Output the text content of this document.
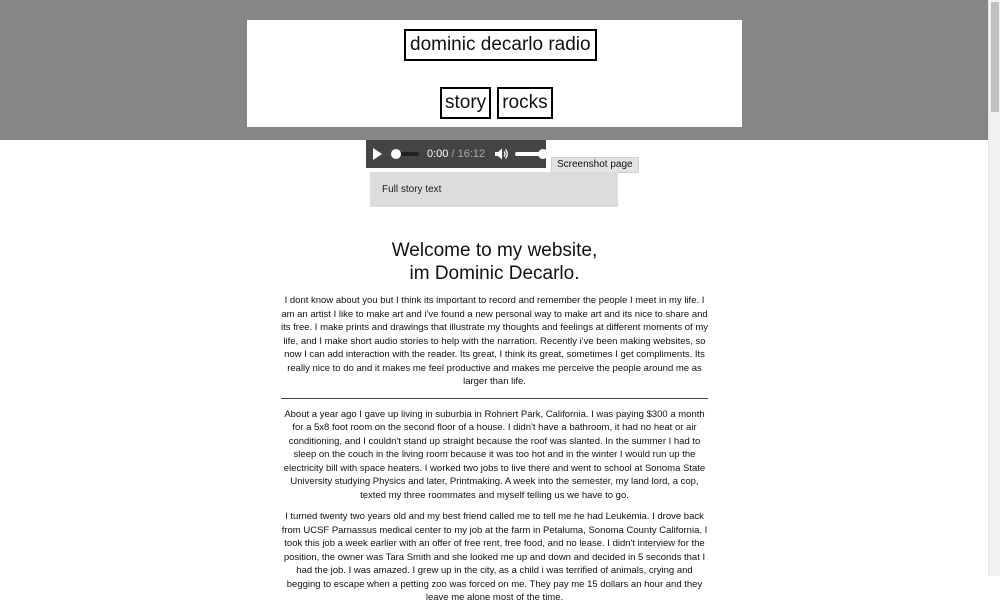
dominic decarlo radio
story rocks
0:00 / 16:12
Screenshot page
Full story text
Welcome to my website,
im Dominic Decarlo.

I dont know about you but I think its important to record and remember the people I meet in my life. I am an artist I like to make art and i've found a new personal way to make art and its nice to share and its free. I make prints and drawings that illustrate my thoughts and feelings at different moments of my life, and I make short audio stories to help with the narration. Recently i've been making websites, so now I can add interaction with the reader. Its great, I think its great, sometimes I get compliments. Its really nice to do and it makes me feel productive and makes me perceive the people around me as larger than life.

About a year ago I gave up living in suburbia in Rohnert Park, California. I was paying $300 a month for a 5x8 foot room on the second floor of a house. I didn't have a bathroom, it had no heat or air conditioning, and I couldn't stand up straight because the roof was slanted. In the summer I had to sleep on the couch in the living room because it was too hot and in the winter I would run up the electricity bill with space heaters. I worked two jobs to live there and went to school at Sonoma State University studying Physics and later, Printmaking. A week into the semester, my land lord, a cop, texted my three roommates and myself telling us we have to go.

I turned twenty two years old and my best friend called me to tell me he had Leukemia. I drove back from UCSF Parnassus medical center to my job at the farm in Petaluma, Sonoma County California. I took this job a week earlier with an offer of free rent, free food, and no lease. I didn't interview for the position, the owner was Tara Smith and she looked me up and down and decided in 5 seconds that I had the job. I was amazed. I grew up in the city, as a child i was terrified of animals, crying and begging to escape when a petting zoo was forced on me. They pay me 15 dollars an hour and they leave me alone most of the time.
